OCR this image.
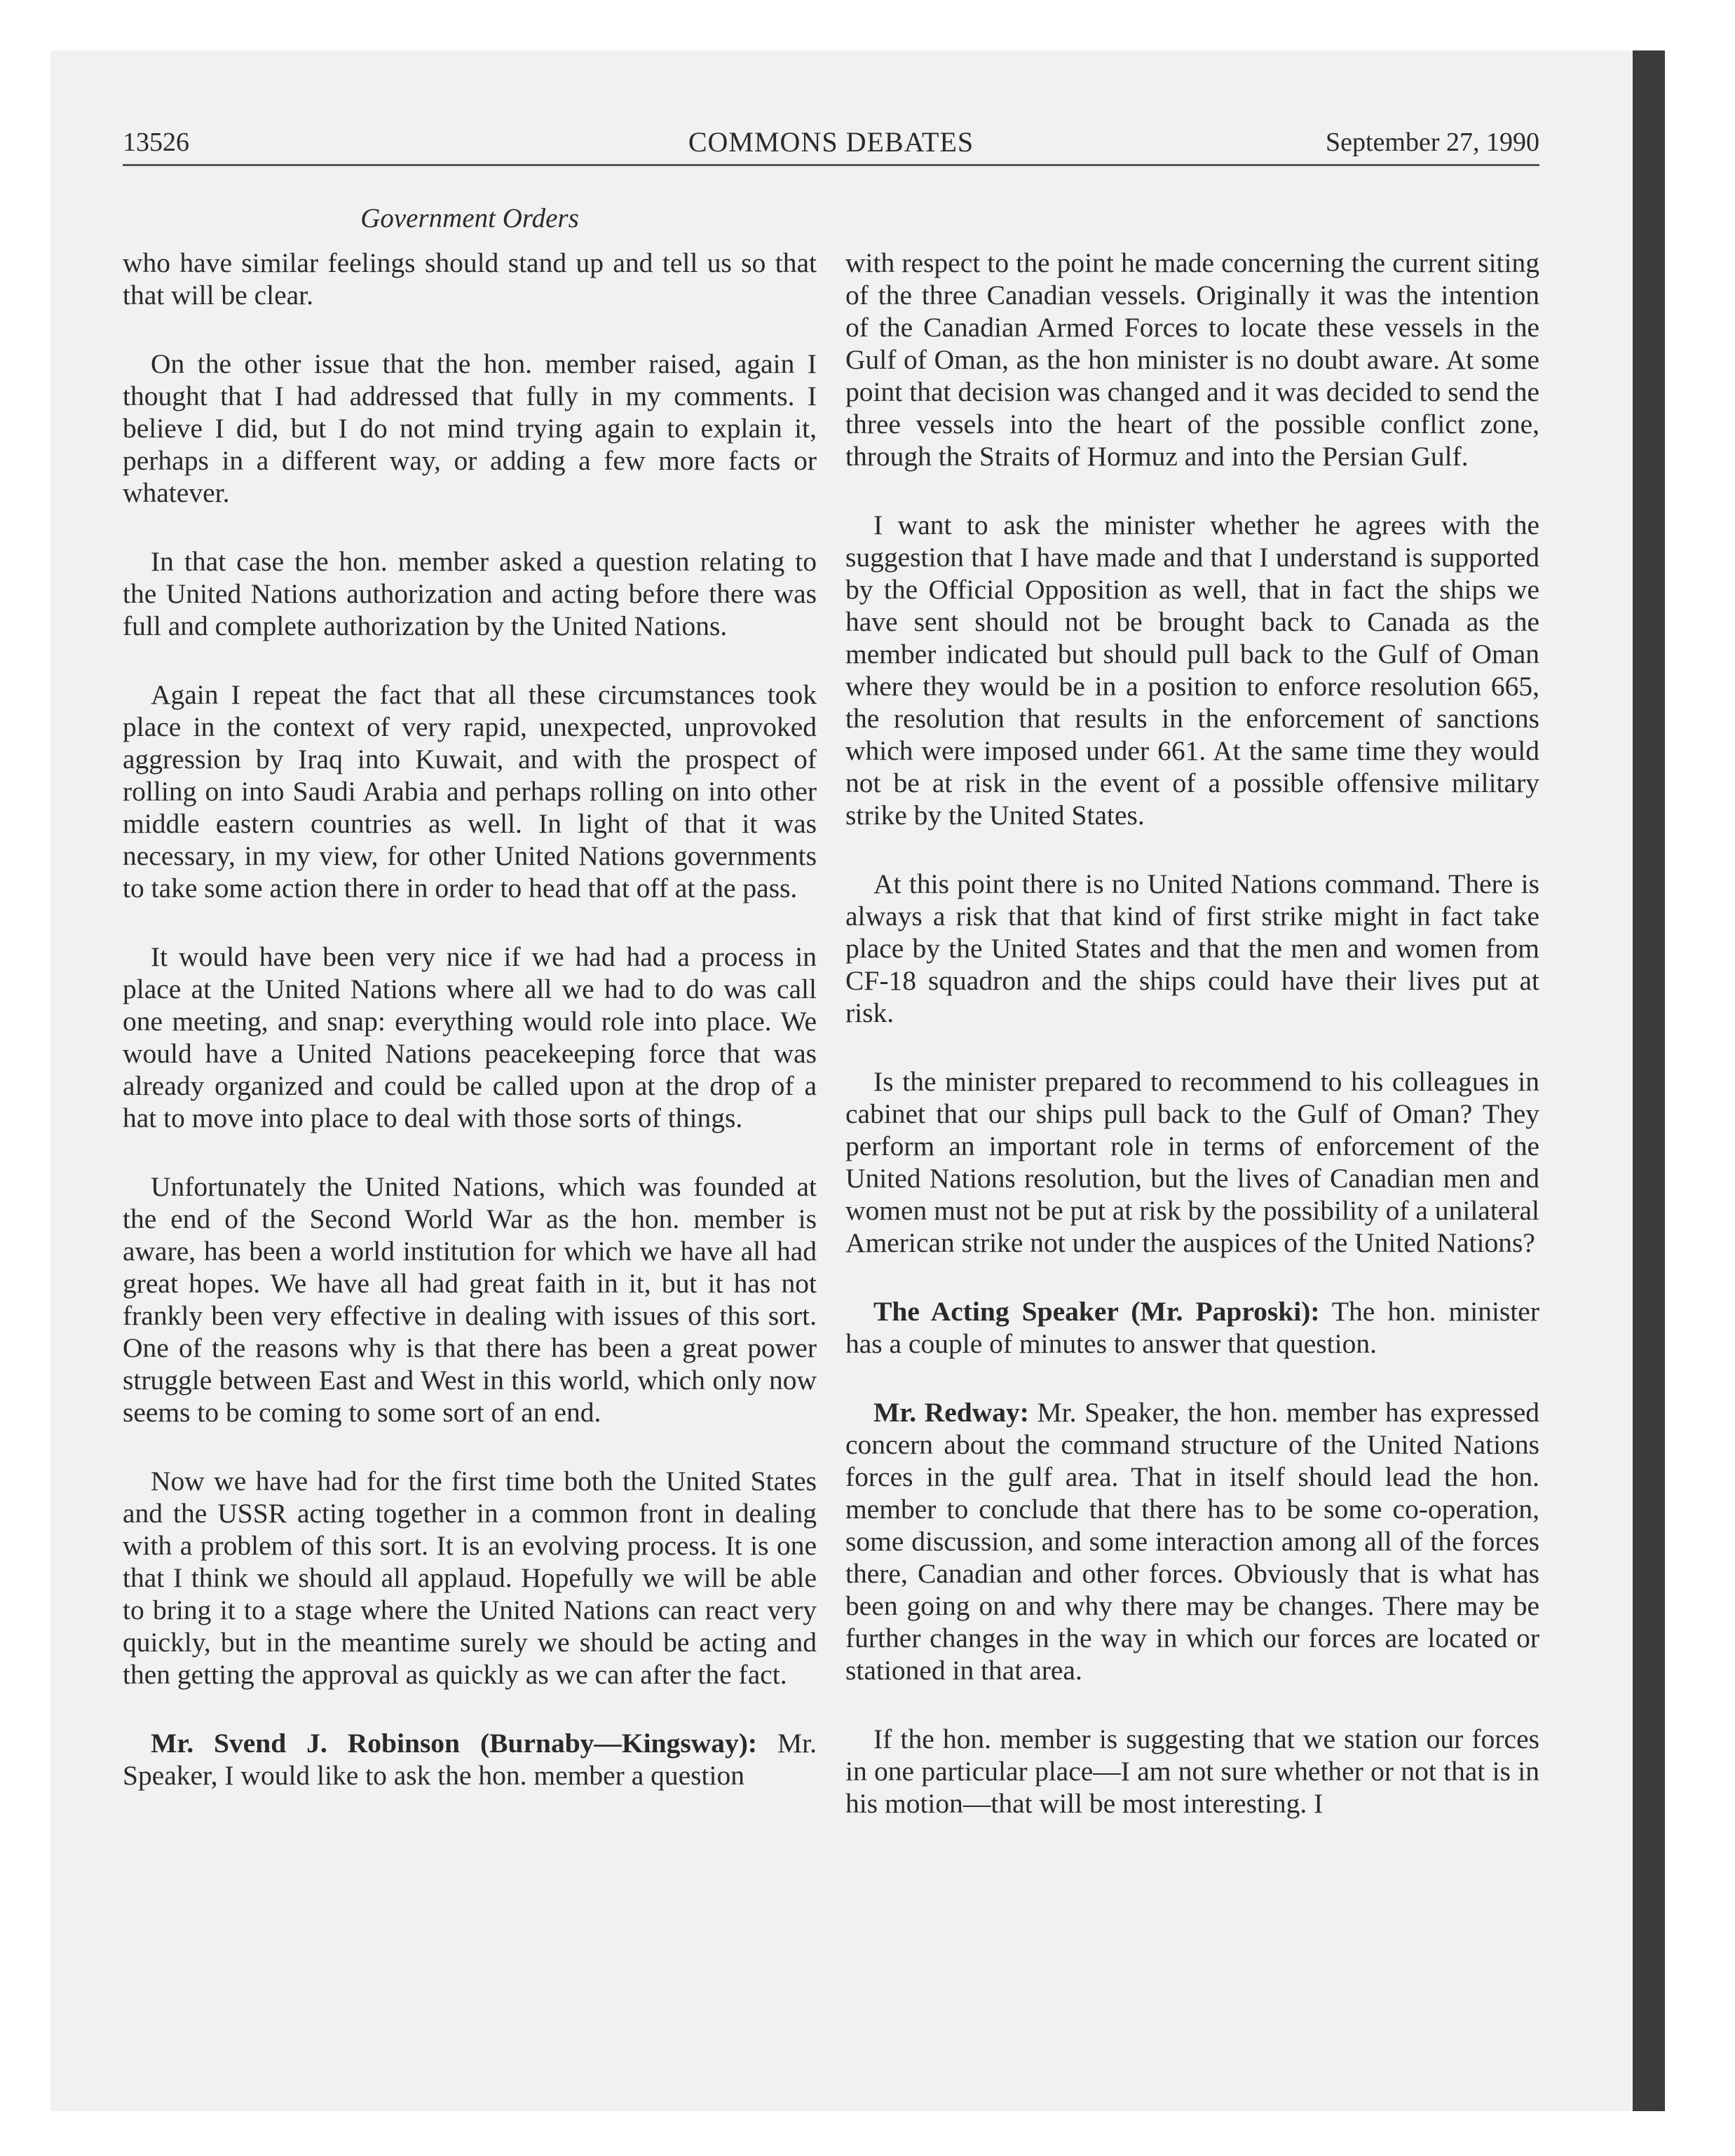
13526	COMMONS DEBATES	September 27, 1990
Government Orders

who have similar feelings should stand up and tell us so that that will be clear.

On the other issue that the hon. member raised, again I thought that I had addressed that fully in my comments. I believe I did, but I do not mind trying again to explain it, perhaps in a different way, or adding a few more facts or whatever.

In that case the hon. member asked a question relating to the United Nations authorization and acting before there was full and complete authorization by the United Nations.

Again I repeat the fact that all these circumstances took place in the context of very rapid, unexpected, unprovoked aggression by Iraq into Kuwait, and with the prospect of rolling on into Saudi Arabia and perhaps rolling on into other middle eastern countries as well. In light of that it was necessary, in my view, for other United Nations governments to take some action there in order to head that off at the pass.

It would have been very nice if we had had a process in place at the United Nations where all we had to do was call one meeting, and snap: everything would role into place. We would have a United Nations peacekeeping force that was already organized and could be called upon at the drop of a hat to move into place to deal with those sorts of things.

Unfortunately the United Nations, which was founded at the end of the Second World War as the hon. member is aware, has been a world institution for which we have all had great hopes. We have all had great faith in it, but it has not frankly been very effective in dealing with issues of this sort. One of the reasons why is that there has been a great power struggle between East and West in this world, which only now seems to be coming to some sort of an end.

Now we have had for the first time both the United States and the USSR acting together in a common front in dealing with a problem of this sort. It is an evolving process. It is one that I think we should all applaud. Hopefully we will be able to bring it to a stage where the United Nations can react very quickly, but in the meantime surely we should be acting and then getting the approval as quickly as we can after the fact.

Mr. Svend J. Robinson (Burnaby—Kingsway): Mr. Speaker, I would like to ask the hon. member a question

with respect to the point he made concerning the current siting of the three Canadian vessels. Originally it was the intention of the Canadian Armed Forces to locate these vessels in the Gulf of Oman, as the hon minister is no doubt aware. At some point that decision was changed and it was decided to send the three vessels into the heart of the possible conflict zone, through the Straits of Hormuz and into the Persian Gulf.

I want to ask the minister whether he agrees with the suggestion that I have made and that I understand is supported by the Official Opposition as well, that in fact the ships we have sent should not be brought back to Canada as the member indicated but should pull back to the Gulf of Oman where they would be in a position to enforce resolution 665, the resolution that results in the enforcement of sanctions which were imposed under 661. At the same time they would not be at risk in the event of a possible offensive military strike by the United States.

At this point there is no United Nations command. There is always a risk that that kind of first strike might in fact take place by the United States and that the men and women from CF-18 squadron and the ships could have their lives put at risk.

Is the minister prepared to recommend to his colleagues in cabinet that our ships pull back to the Gulf of Oman? They perform an important role in terms of enforcement of the United Nations resolution, but the lives of Canadian men and women must not be put at risk by the possibility of a unilateral American strike not under the auspices of the United Nations?

The Acting Speaker (Mr. Paproski): The hon. minister has a couple of minutes to answer that question.

Mr. Redway: Mr. Speaker, the hon. member has expressed concern about the command structure of the United Nations forces in the gulf area. That in itself should lead the hon. member to conclude that there has to be some co-operation, some discussion, and some interaction among all of the forces there, Canadian and other forces. Obviously that is what has been going on and why there may be changes. There may be further changes in the way in which our forces are located or stationed in that area.

If the hon. member is suggesting that we station our forces in one particular place—I am not sure whether or not that is in his motion—that will be most interesting. I
